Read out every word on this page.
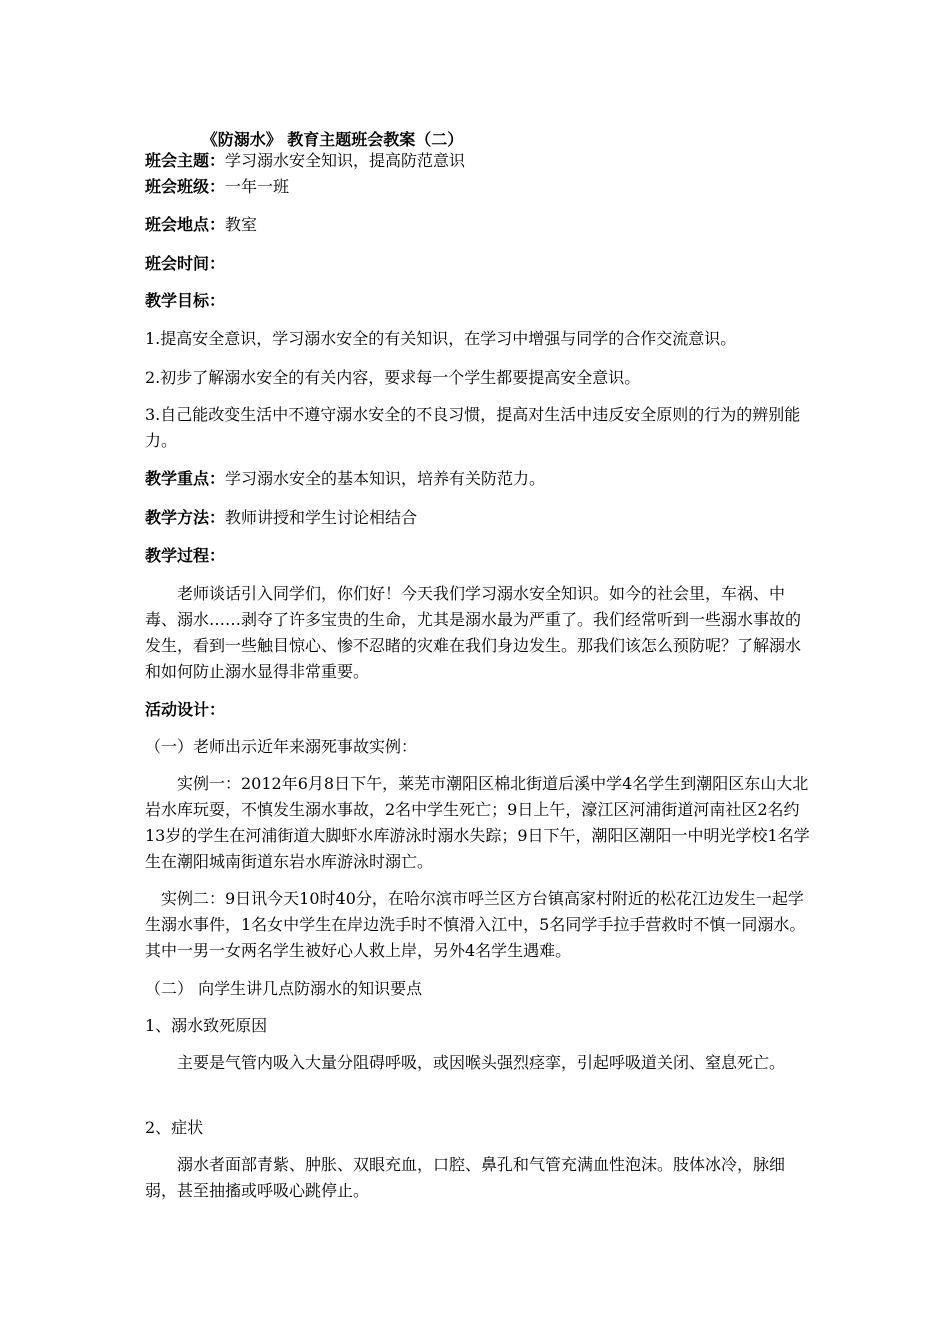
《防溺水》 教育主题班会教案（二）
班会主题：学习溺水安全知识，提高防范意识
班会班级：一年一班
班会地点：教室
班会时间：
教学目标：
1.提高安全意识，学习溺水安全的有关知识，在学习中增强与同学的合作交流意识。
2.初步了解溺水安全的有关内容，要求每一个学生都要提高安全意识。
3.自己能改变生活中不遵守溺水安全的不良习惯，提高对生活中违反安全原则的行为的辨别能力。
教学重点：学习溺水安全的基本知识，培养有关防范力。
教学方法：教师讲授和学生讨论相结合
教学过程：
老师谈话引入同学们，你们好！今天我们学习溺水安全知识。如今的社会里，车祸、中毒、溺水……剥夺了许多宝贵的生命，尤其是溺水最为严重了。我们经常听到一些溺水事故的发生，看到一些触目惊心、惨不忍睹的灾难在我们身边发生。那我们该怎么预防呢？了解溺水和如何防止溺水显得非常重要。
活动设计：
（一）老师出示近年来溺死事故实例：
实例一：2012年6月8日下午，莱芜市潮阳区棉北街道后溪中学4名学生到潮阳区东山大北岩水库玩耍，不慎发生溺水事故，2名中学生死亡；9日上午，濠江区河浦街道河南社区2名约13岁的学生在河浦街道大脚虾水库游泳时溺水失踪；9日下午，潮阳区潮阳一中明光学校1名学生在潮阳城南街道东岩水库游泳时溺亡。
实例二：9日讯今天10时40分，在哈尔滨市呼兰区方台镇高家村附近的松花江边发生一起学生溺水事件，1名女中学生在岸边洗手时不慎滑入江中，5名同学手拉手营救时不慎一同溺水。其中一男一女两名学生被好心人救上岸，另外4名学生遇难。
（二） 向学生讲几点防溺水的知识要点
1、溺水致死原因
主要是气管内吸入大量分阻碍呼吸，或因喉头强烈痉挛，引起呼吸道关闭、窒息死亡。
2、症状
溺水者面部青紫、肿胀、双眼充血，口腔、鼻孔和气管充满血性泡沫。肢体冰冷，脉细弱，甚至抽搐或呼吸心跳停止。
